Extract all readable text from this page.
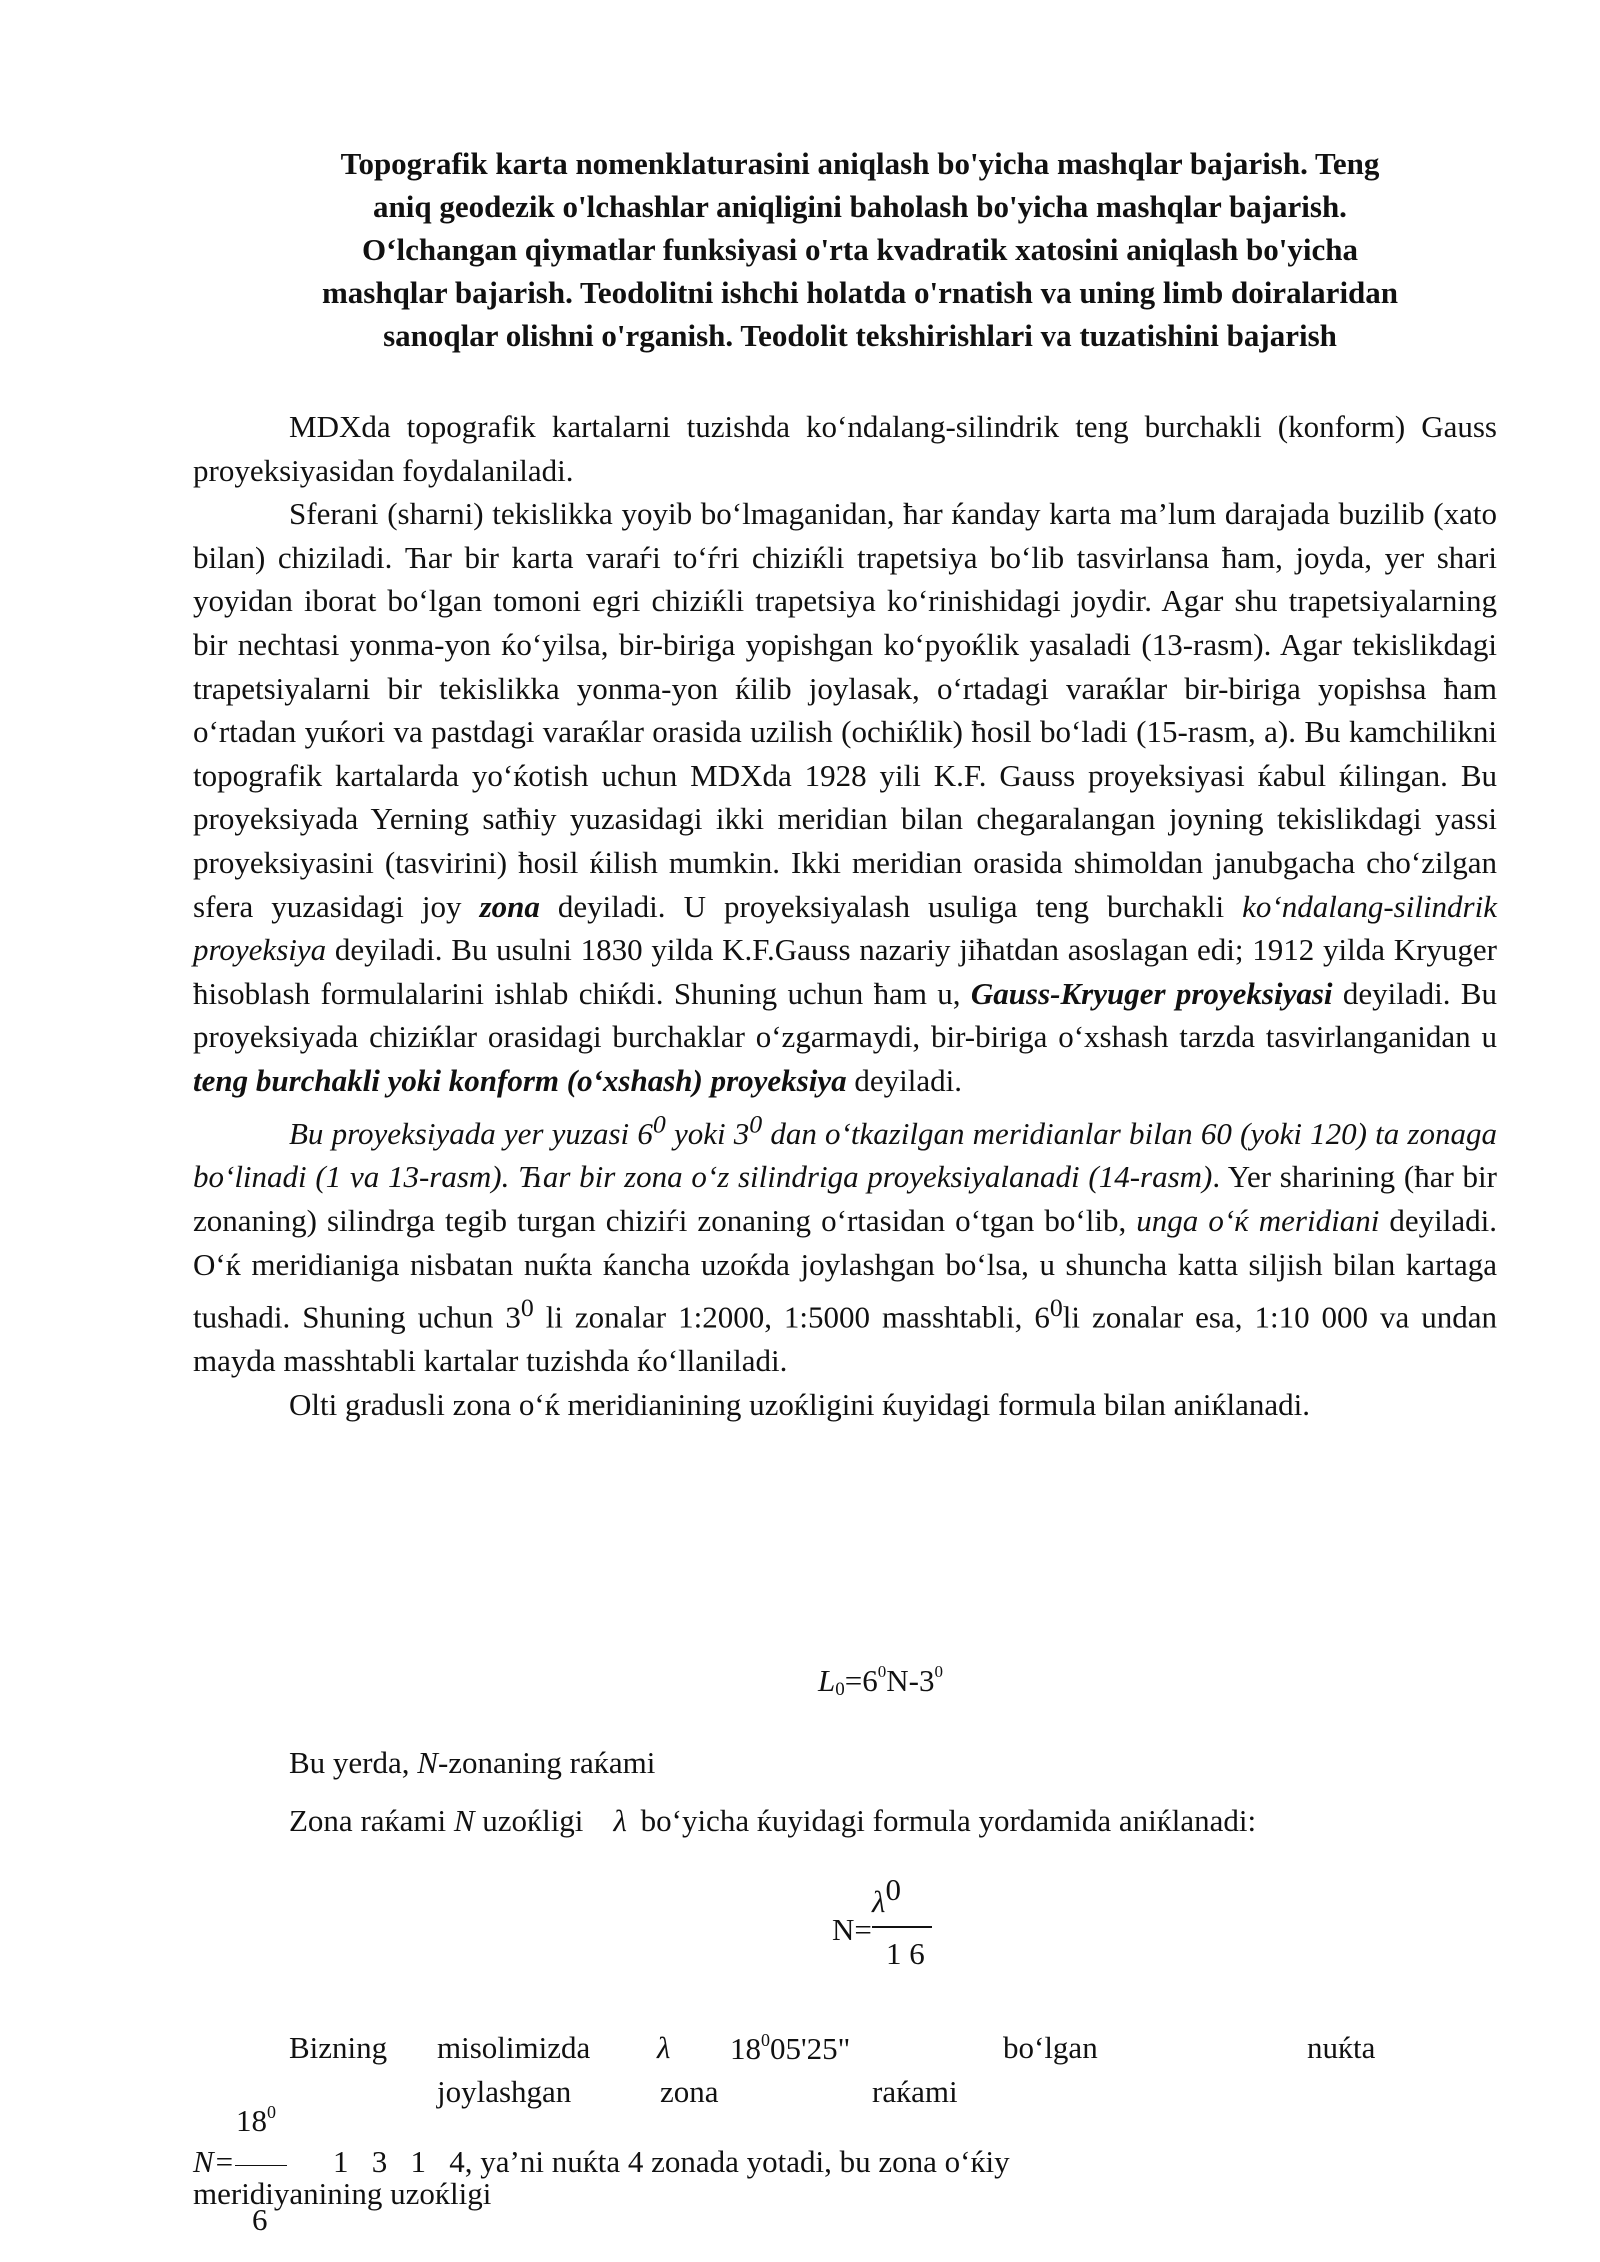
Topografik karta nomenklaturasini aniqlash bo'yicha mashqlar bajarish. Teng
aniq geodezik o'lchashlar aniqligini baholash bo'yicha mashqlar bajarish.
O‘lchangan qiymatlar funksiyasi o'rta kvadratik xatosini aniqlash bo'yicha
mashqlar bajarish. Teodolitni ishchi holatda o'rnatish va uning limb doiralaridan
sanoqlar olishni o'rganish. Teodolit tekshirishlari va tuzatishini bajarish

MDXda topografik kartalarni tuzishda ko‘ndalang-silindrik teng burchakli (konform) Gauss proyeksiyasidan foydalaniladi.

Sferani (sharni) tekislikka yoyib bo‘lmaganidan, ħar ќanday karta ma’lum darajada buzilib (xato bilan) chiziladi. Ћar bir karta varaѓi to‘ѓri chiziќli trapetsiya bo‘lib tasvirlansa ħam, joyda, yer shari yoyidan iborat bo‘lgan tomoni egri chiziќli trapetsiya ko‘rinishidagi joydir. Agar shu trapetsiyalarning bir nechtasi yonma-yon ќo‘yilsa, bir-biriga yopishgan ko‘pyoќlik yasaladi (13-rasm). Agar tekislikdagi trapetsiyalarni bir tekislikka yonma-yon ќilib joylasak, o‘rtadagi varaќlar bir-biriga yopishsa ħam o‘rtadan yuќori va pastdagi varaќlar orasida uzilish (ochiќlik) ħosil bo‘ladi (15-rasm, a). Bu kamchilikni topografik kartalarda yo‘ќotish uchun MDXda 1928 yili K.F. Gauss proyeksiyasi ќabul ќilingan. Bu proyeksiyada Yerning satħiy yuzasidagi ikki meridian bilan chegaralangan joyning tekislikdagi yassi proyeksiyasini (tasvirini) ħosil ќilish mumkin. Ikki meridian orasida shimoldan janubgacha cho‘zilgan sfera yuzasidagi joy zona deyiladi. U proyeksiyalash usuliga teng burchakli ko‘ndalang-silindrik proyeksiya deyiladi. Bu usulni 1830 yilda K.F.Gauss nazariy jiħatdan asoslagan edi; 1912 yilda Kryuger ħisoblash formulalarini ishlab chiќdi. Shuning uchun ħam u, Gauss-Kryuger proyeksiyasi deyiladi. Bu proyeksiyada chiziќlar orasidagi burchaklar o‘zgarmaydi, bir-biriga o‘xshash tarzda tasvirlanganidan u teng burchakli yoki konform (o‘xshash) proyeksiya deyiladi.

Bu proyeksiyada yer yuzasi $6^0$ yoki $3^0$ dan o‘tkazilgan meridianlar bilan 60 (yoki 120) ta zonaga bo‘linadi (1 va 13-rasm). Ћar bir zona o‘z silindriga proyeksiyalanadi (14-rasm). Yer sharining (ħar bir zonaning) silindrga tegib turgan chiziѓi zonaning o‘rtasidan o‘tgan bo‘lib, unga o‘ќ meridiani deyiladi. O‘ќ meridianiga nisbatan nuќta ќancha uzoќda joylashgan bo‘lsa, u shuncha katta siljish bilan kartaga tushadi. Shuning uchun $3^0$ li zonalar 1:2000, 1:5000 masshtabli, $6^0li$ zonalar esa, 1:10 000 va undan mayda masshtabli kartalar tuzishda ќo‘llaniladi.

Olti gradusli zona o‘ќ meridianining uzoќligini ќuyidagi formula bilan aniќlanadi.

$L_0=6^0N-3^0$
Bu yerda, N-zonaning raќami
Zona raќami N uzoќligi λ bo‘yicha ќuyidagi formula yordamida aniќlanadi:
N=
λ0
1 6
Bizning misolimizda λ $18^005'25$"	bo‘lgan	nuќta
joylashgan	zona	raќami
$18^0$
N=	1   3   1   4, ya’ni nuќta 4 zonada yotadi, bu zona o‘ќiy
meridiyanining uzoќligi
6
